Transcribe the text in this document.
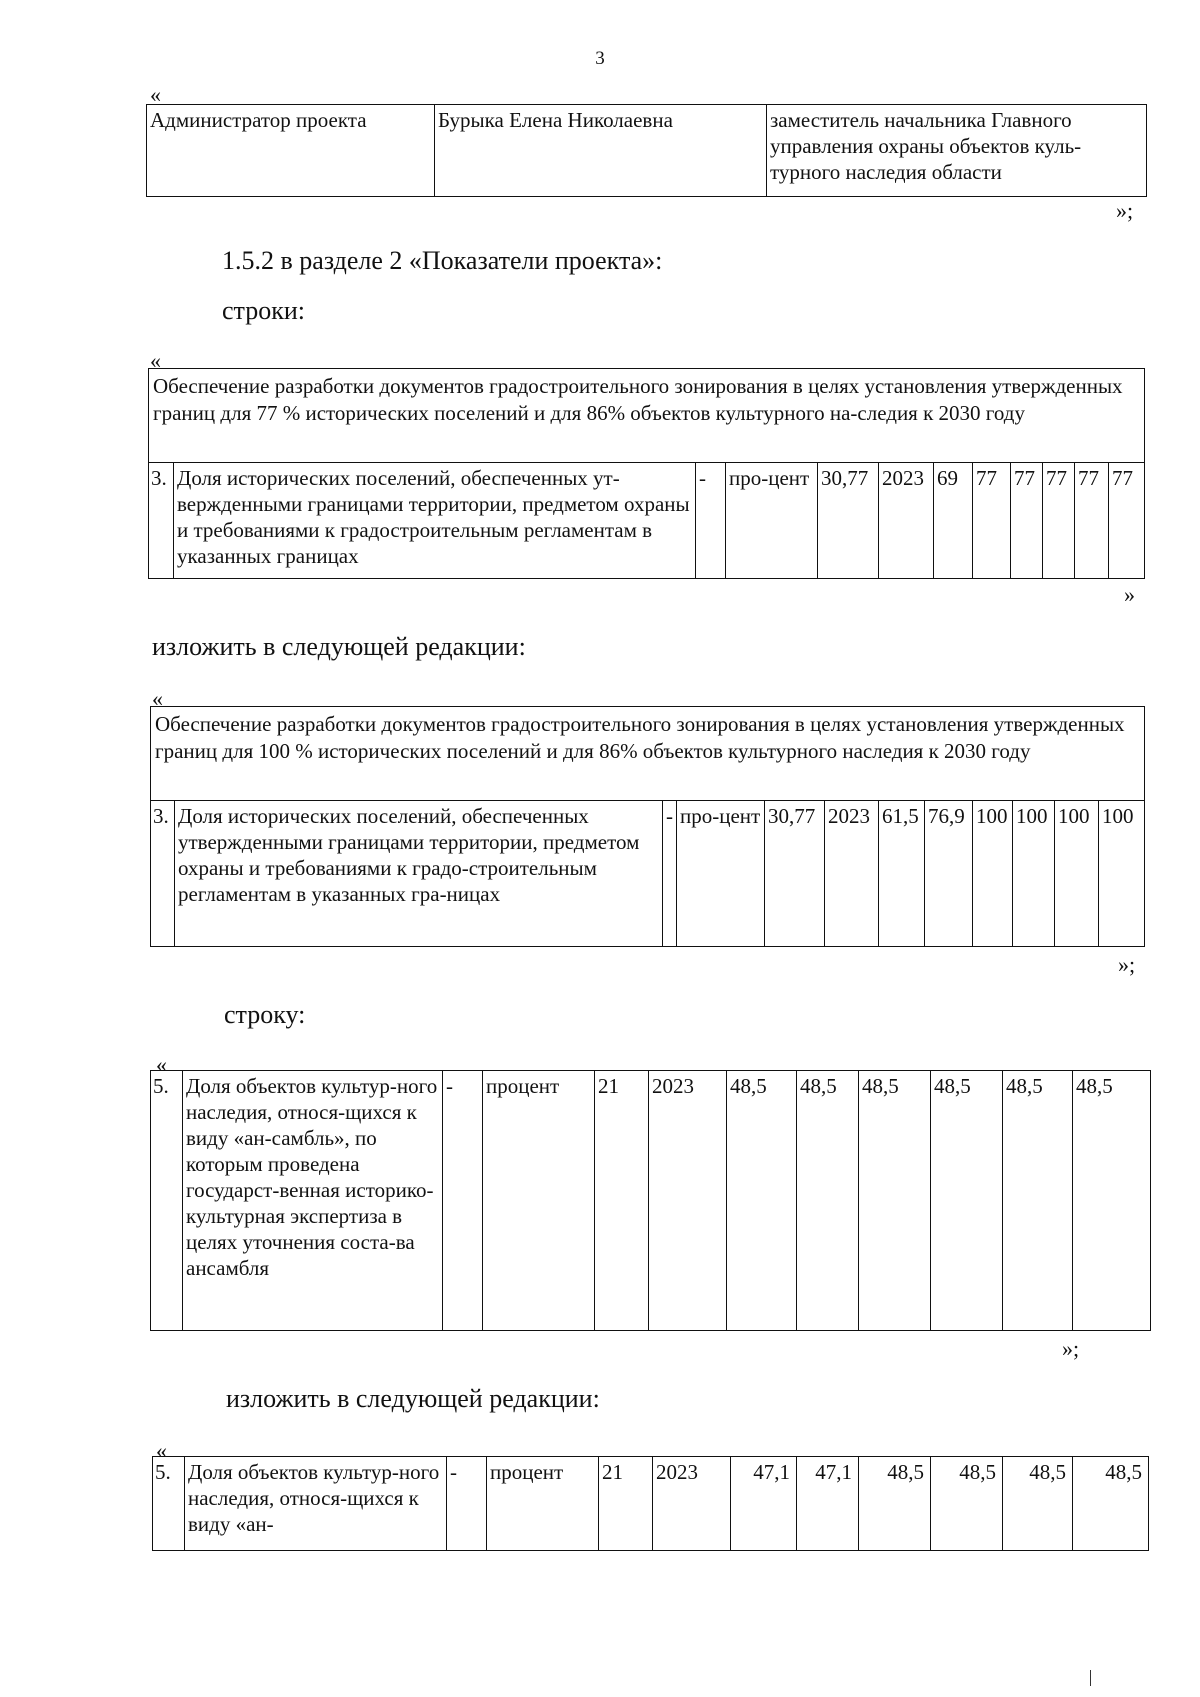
3
«
Администратор проекта	Бурыка Елена Николаевна	заместитель начальника Главного управления охраны объектов куль-турного наследия области
»;
1.5.2 в разделе 2 «Показатели проекта»:
строки:
«
Обеспечение разработки документов градостроительного зонирования в целях установления утвержденных границ для 77 % исторических поселений и для 86% объектов культурного на-следия к 2030 году
3.	Доля исторических поселений, обеспеченных ут-вержденными границами территории, предметом охраны и требованиями к градостроительным регламентам в указанных границах	-	про-цент	30,77	2023	69	77	77	77	77	77
»
изложить в следующей редакции:
«
Обеспечение разработки документов градостроительного зонирования в целях установления утвержденных границ для 100 % исторических поселений и для 86% объектов культурного наследия к 2030 году
3.	Доля исторических поселений, обеспеченных утвержденными границами территории, предметом охраны и требованиями к градо-строительным регламентам в указанных гра-ницах	-	про-цент	30,77	2023	61,5	76,9	100	100	100	100
»;
строку:
«
5.	Доля объектов культур-ного наследия, относя-щихся к виду «ан-самбль», по которым проведена государст-венная историко-культурная экспертиза в целях уточнения соста-ва ансамбля	-	процент	21	2023	48,5	48,5	48,5	48,5	48,5	48,5
»;
изложить в следующей редакции:
«
5.	Доля объектов культур-ного наследия, относя-щихся к виду «ан-	-	процент	21	2023	47,1	47,1	48,5	48,5	48,5	48,5
